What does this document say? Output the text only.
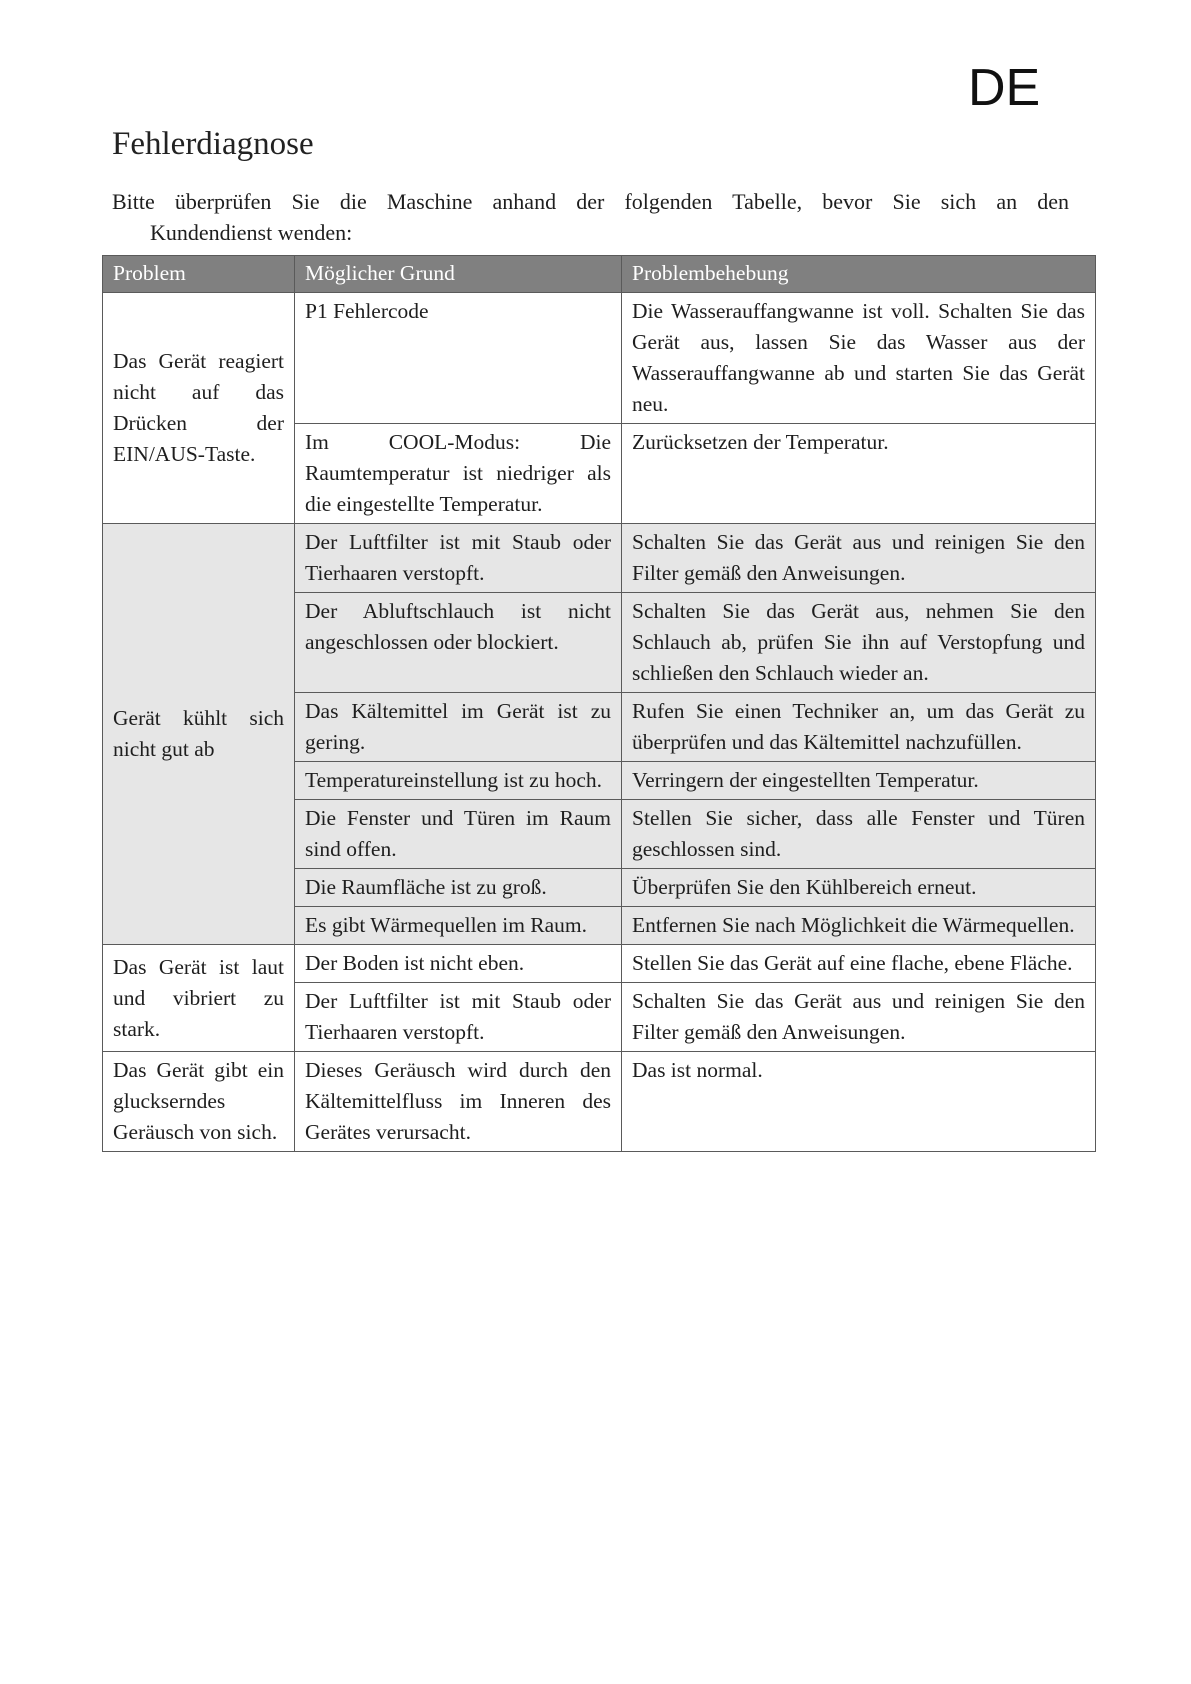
DE
Fehlerdiagnose

Bitte überprüfen Sie die Maschine anhand der folgenden Tabelle, bevor Sie sich an den

Kundendienst wenden:

Problem	Möglicher Grund	Problembehebung
Das Gerät reagiert nicht auf das Drücken der EIN/AUS-Taste.	P1 Fehlercode	Die Wasserauffangwanne ist voll. Schalten Sie das Gerät aus, lassen Sie das Wasser aus der Wasserauffangwanne ab und starten Sie das Gerät neu.
	Im COOL-Modus: Die Raumtemperatur ist niedriger als die eingestellte Temperatur.	Zurücksetzen der Temperatur.
Gerät kühlt sich nicht gut ab	Der Luftfilter ist mit Staub oder Tierhaaren verstopft.	Schalten Sie das Gerät aus und reinigen Sie den Filter gemäß den Anweisungen.
	Der Abluftschlauch ist nicht angeschlossen oder blockiert.	Schalten Sie das Gerät aus, nehmen Sie den Schlauch ab, prüfen Sie ihn auf Verstopfung und schließen den Schlauch wieder an.
	Das Kältemittel im Gerät ist zu gering.	Rufen Sie einen Techniker an, um das Gerät zu überprüfen und das Kältemittel nachzufüllen.
	Temperatureinstellung ist zu hoch.	Verringern der eingestellten Temperatur.
	Die Fenster und Türen im Raum sind offen.	Stellen Sie sicher, dass alle Fenster und Türen geschlossen sind.
	Die Raumfläche ist zu groß.	Überprüfen Sie den Kühlbereich erneut.
	Es gibt Wärmequellen im Raum.	Entfernen Sie nach Möglichkeit die Wärmequellen.
Das Gerät ist laut und vibriert zu stark.	Der Boden ist nicht eben.	Stellen Sie das Gerät auf eine flache, ebene Fläche.
	Der Luftfilter ist mit Staub oder Tierhaaren verstopft.	Schalten Sie das Gerät aus und reinigen Sie den Filter gemäß den Anweisungen.
Das Gerät gibt ein gluckserndes Geräusch von sich.	Dieses Geräusch wird durch den Kältemittelfluss im Inneren des Gerätes verursacht.	Das ist normal.
